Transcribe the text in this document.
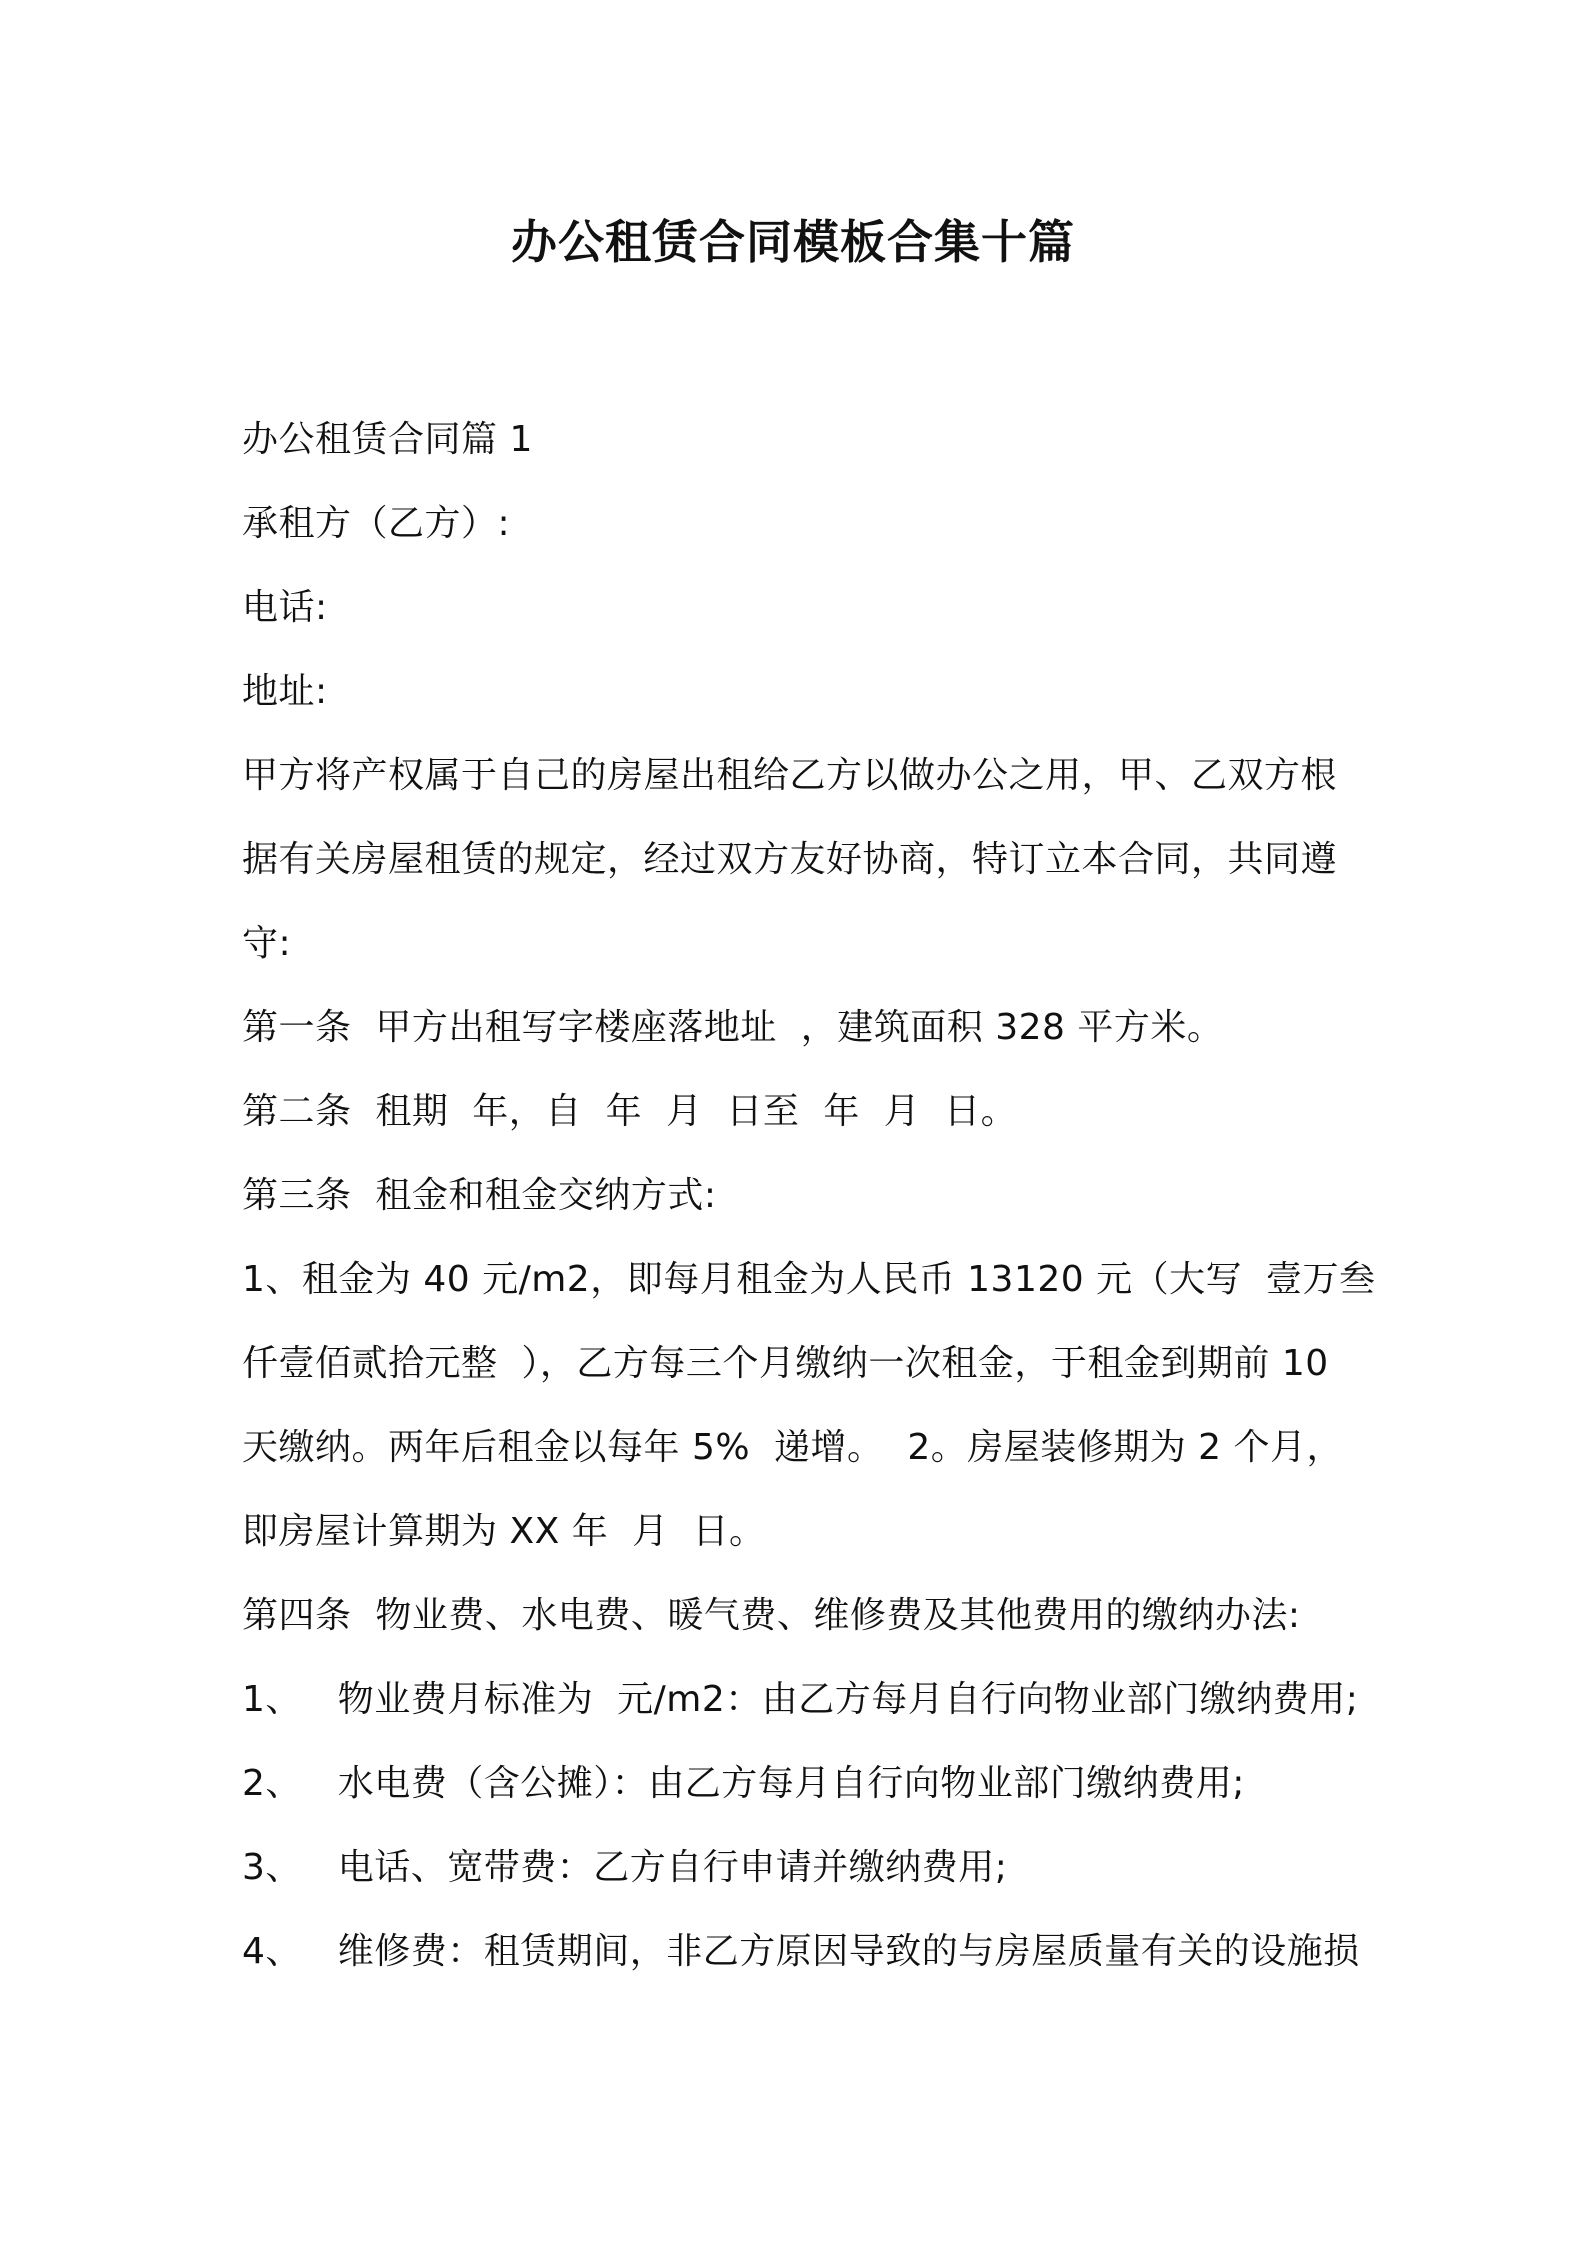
办公租赁合同模板合集十篇
办公租赁合同篇 1
承租方（乙方）:
电话:
地址:
甲方将产权属于自己的房屋出租给乙方以做办公之用，甲、乙双方根
据有关房屋租赁的规定，经过双方友好协商，特订立本合同，共同遵
守:
第一条  甲方出租写字楼座落地址  ，建筑面积 328 平方米。
第二条  租期  年，自  年  月  日至  年  月  日。
第三条  租金和租金交纳方式:
1、租金为 40 元/m2，即每月租金为人民币 13120 元（大写  壹万叁
仟壹佰贰拾元整  ），乙方每三个月缴纳一次租金，于租金到期前 10
天缴纳。两年后租金以每年 5%  递增。  2。房屋装修期为 2 个月，
即房屋计算期为 XX 年  月  日。
第四条  物业费、水电费、暖气费、维修费及其他费用的缴纳办法:
1、   物业费月标准为  元/m2：由乙方每月自行向物业部门缴纳费用;
2、   水电费（含公摊）：由乙方每月自行向物业部门缴纳费用;
3、   电话、宽带费：乙方自行申请并缴纳费用;
4、   维修费：租赁期间，非乙方原因导致的与房屋质量有关的设施损
